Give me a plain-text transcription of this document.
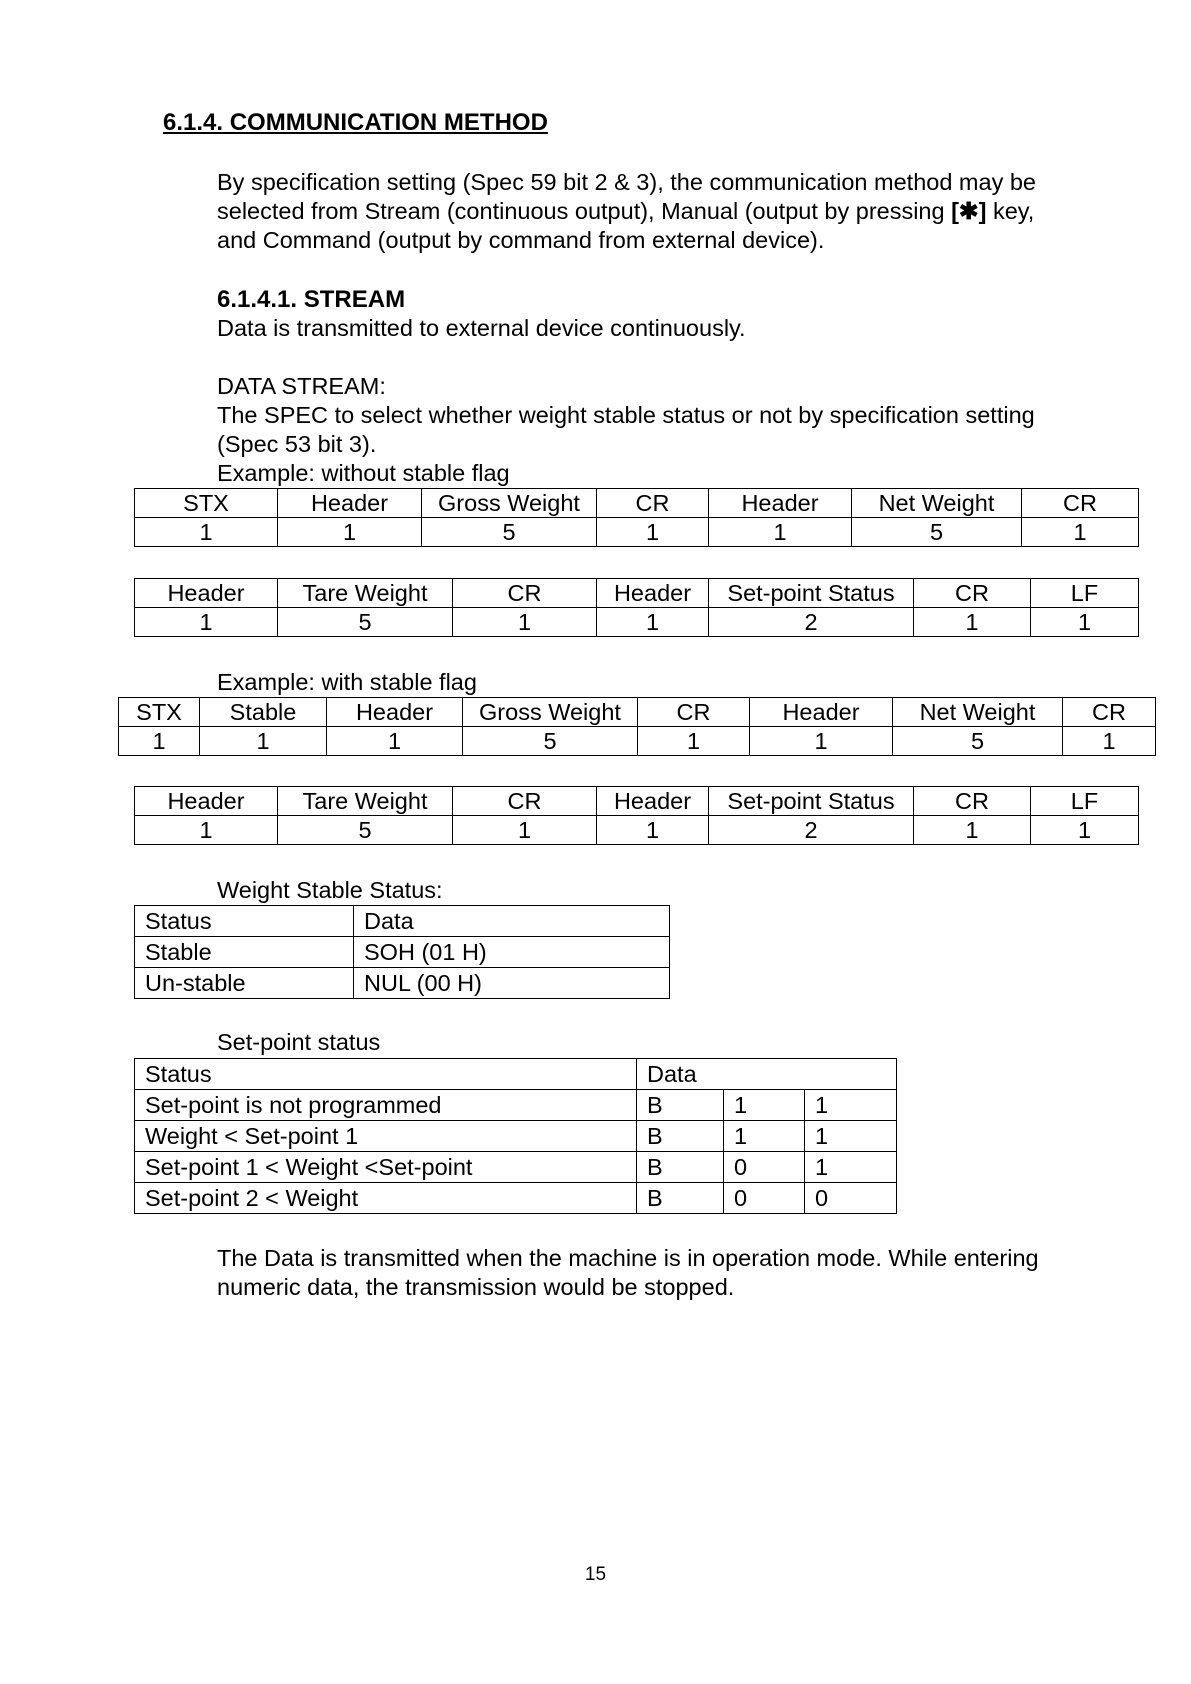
6.1.4. COMMUNICATION METHOD
By specification setting (Spec 59 bit 2 & 3), the communication method may be
selected from Stream (continuous output), Manual (output by pressing [✱] key,
and Command (output by command from external device).
6.1.4.1. STREAM
Data is transmitted to external device continuously.
DATA STREAM:
The SPEC to select whether weight stable status or not by specification setting
(Spec 53 bit 3).
Example: without stable flag
STX	Header	Gross Weight	CR	Header	Net Weight	CR
1	1	5	1	1	5	1
Header	Tare Weight	CR	Header	Set-point Status	CR	LF
1	5	1	1	2	1	1
Example: with stable flag
STX	Stable	Header	Gross Weight	CR	Header	Net Weight	CR
1	1	1	5	1	1	5	1
Header	Tare Weight	CR	Header	Set-point Status	CR	LF
1	5	1	1	2	1	1
Weight Stable Status:
Status	Data
Stable	SOH (01 H)
Un-stable	NUL (00 H)
Set-point status
Status	Data		
Set-point is not programmed	B	1	1
Weight < Set-point 1	B	1	1
Set-point 1 < Weight <Set-point	B	0	1
Set-point 2 < Weight	B	0	0
The Data is transmitted when the machine is in operation mode. While entering
numeric data, the transmission would be stopped.
15
